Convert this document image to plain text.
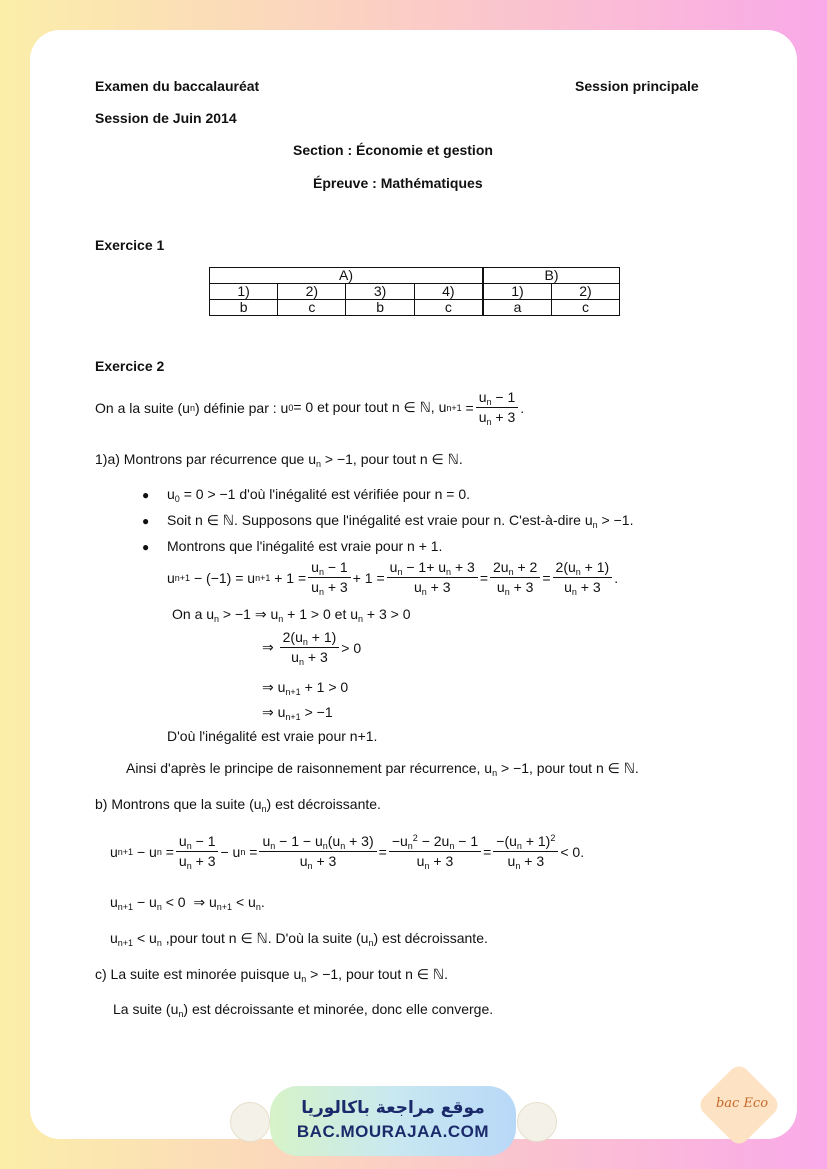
Examen du baccalauréat	Session principale
Session de Juin 2014
Section : Économie et gestion
Épreuve : Mathématiques
Exercice 1
A)				B)	
1)	2)	3)	4)	1)	2)
b	c	b	c	a	c
Exercice 2
On a la suite (u n ) définie par : u 0 = 0 et pour tout n ∈ ℕ, u $n+1 = \frac{u_n - 1}{u_n + 3}$ .
1)a) Montrons par récurrence que $u_n > -1$, pour tout n ∈ ℕ.
● $u_0 = 0 > -1$ d'où l'inégalité est vérifiée pour n = 0.
● Soit n ∈ ℕ. Supposons que l'inégalité est vraie pour n. C'est-à-dire $u_n > -1$.
● Montrons que l'inégalité est vraie pour n + 1.
u n+1 − (−1) = u $n+1 + 1 = \frac{u_n - 1}{u_n + 3} + 1 = \frac{u_n - 1+ u_n + 3}{u_n + 3} = \frac{2u_n + 2}{u_n + 3} = \frac{2(u_n + 1)}{u_n + 3}$ .
On a $u_n > -1$ ⇒ $u_n + 1 > 0$ et $u_n + 3 > 0$
⇒ $\frac{2(u_n + 1)}{u_n + 3} > 0$
⇒ $u_{n+1} + 1 > 0$
⇒ $u_{n+1} > -1$
D'où l'inégalité est vraie pour n+1.
Ainsi d'après le principe de raisonnement par récurrence, $u_n > -1$, pour tout n ∈ ℕ.
b) Montrons que la suite $(u_n)$ est décroissante.
u n+1 − u $n = \frac{u_n - 1}{u_n + 3} - u$ $n = \frac{u_n - 1 - u_n(u_n + 3)}{u_n + 3} = \frac{-u_n^2 - 2u_n - 1}{u_n + 3} = \frac{-(u_n + 1)^2}{u_n + 3} < 0$.
$u_{n+1} - u_n < 0$  ⇒ $u_{n+1} < u_n$.
$u_{n+1} < u_n$ ,pour tout n ∈ ℕ. D'où la suite $(u_n)$ est décroissante.
c) La suite est minorée puisque $u_n > -1$, pour tout n ∈ ℕ.
La suite $(u_n)$ est décroissante et minorée, donc elle converge.
موقع مراجعة باكالوريا
BAC.MOURAJAA.COM
bac Eco
